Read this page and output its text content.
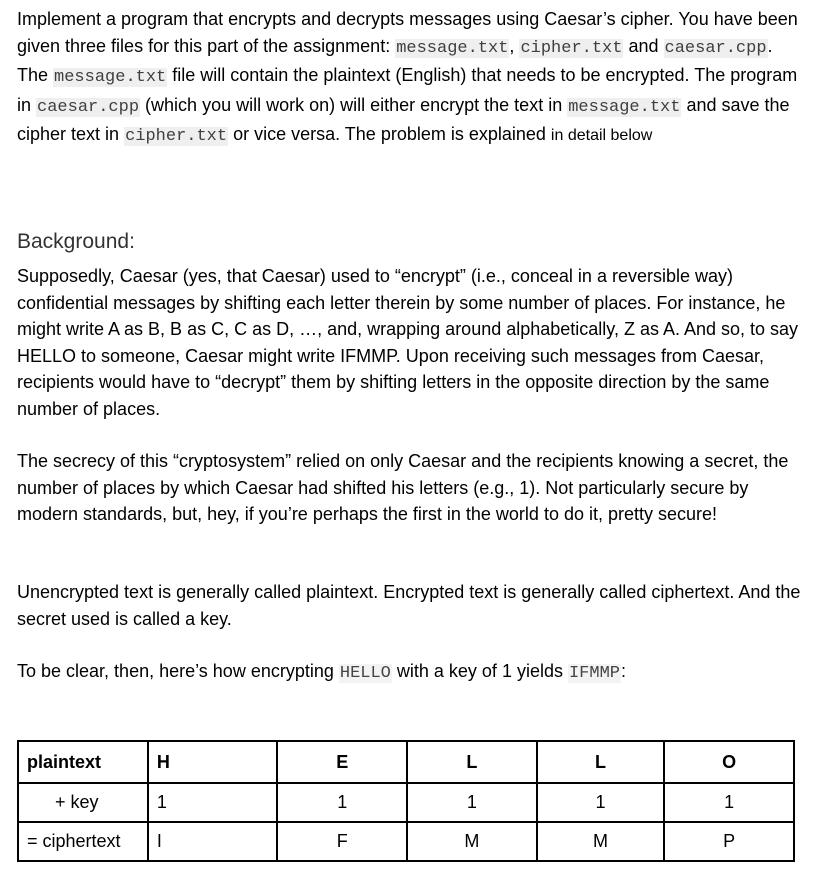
Implement a program that encrypts and decrypts messages using Caesar’s cipher. You have been given three files for this part of the assignment: message.txt, cipher.txt and caesar.cpp. The message.txt file will contain the plaintext (English) that needs to be encrypted. The program in caesar.cpp (which you will work on) will either encrypt the text in message.txt and save the cipher text in cipher.txt or vice versa. The problem is explained in detail below

Background:

Supposedly, Caesar (yes, that Caesar) used to “encrypt” (i.e., conceal in a reversible way) confidential messages by shifting each letter therein by some number of places. For instance, he might write A as B, B as C, C as D, …, and, wrapping around alphabetically, Z as A. And so, to say HELLO to someone, Caesar might write IFMMP. Upon receiving such messages from Caesar, recipients would have to “decrypt” them by shifting letters in the opposite direction by the same number of places.

The secrecy of this “cryptosystem” relied on only Caesar and the recipients knowing a secret, the number of places by which Caesar had shifted his letters (e.g., 1). Not particularly secure by modern standards, but, hey, if you’re perhaps the first in the world to do it, pretty secure!

Unencrypted text is generally called plaintext. Encrypted text is generally called ciphertext. And the secret used is called a key.

To be clear, then, here’s how encrypting HELLO with a key of 1 yields IFMMP:

plaintext	H	E	L	L	O
+ key	1	1	1	1	1
= ciphertext	I	F	M	M	P
